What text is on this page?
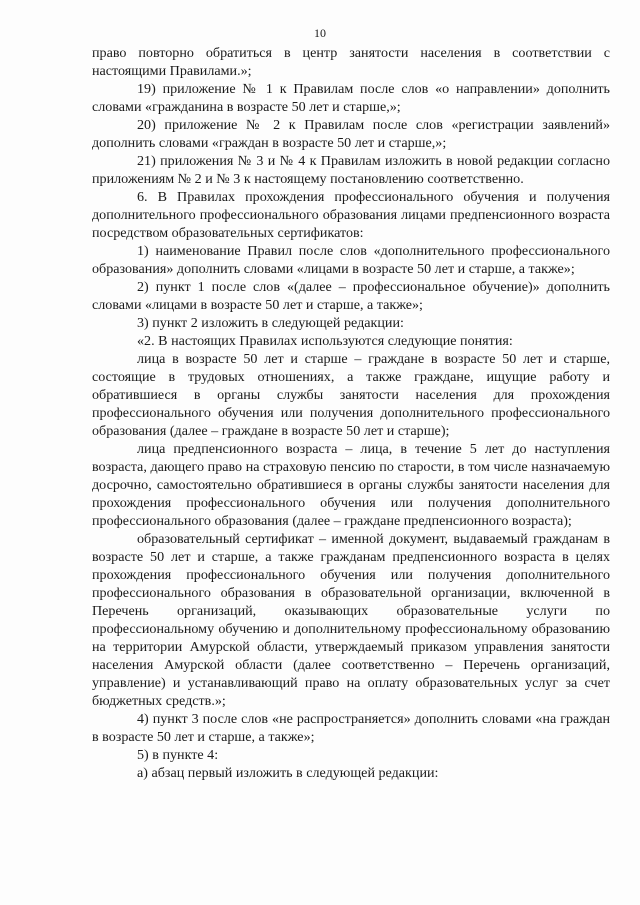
10

право повторно обратиться в центр занятости населения в соответствии с настоящими Правилами.»;

19) приложение № 1 к Правилам после слов «о направлении» дополнить словами «гражданина в возрасте 50 лет и старше,»;

20) приложение № 2 к Правилам после слов «регистрации заявлений» дополнить словами «граждан в возрасте 50 лет и старше,»;

21) приложения № 3 и № 4 к Правилам изложить в новой редакции согласно приложениям № 2 и № 3 к настоящему постановлению соответственно.

6. В Правилах прохождения профессионального обучения и получения дополнительного профессионального образования лицами предпенсионного возраста посредством образовательных сертификатов:

1) наименование Правил после слов «дополнительного профессионального образования» дополнить словами «лицами в возрасте 50 лет и старше, а также»;

2) пункт 1 после слов «(далее – профессиональное обучение)» дополнить словами «лицами в возрасте 50 лет и старше, а также»;

3) пункт 2 изложить в следующей редакции:

«2. В настоящих Правилах используются следующие понятия:

лица в возрасте 50 лет и старше – граждане в возрасте 50 лет и старше, состоящие в трудовых отношениях, а также граждане, ищущие работу и обратившиеся в органы службы занятости населения для прохождения профессионального обучения или получения дополнительного профессионального образования (далее – граждане в возрасте 50 лет и старше);

лица предпенсионного возраста – лица, в течение 5 лет до наступления возраста, дающего право на страховую пенсию по старости, в том числе назначаемую досрочно, самостоятельно обратившиеся в органы службы занятости населения для прохождения профессионального обучения или получения дополнительного профессионального образования (далее – граждане предпенсионного возраста);

образовательный сертификат – именной документ, выдаваемый гражданам в возрасте 50 лет и старше, а также гражданам предпенсионного возраста в целях прохождения профессионального обучения или получения дополнительного профессионального образования в образовательной организации, включенной в Перечень организаций, оказывающих образовательные услуги по профессиональному обучению и дополнительному профессиональному образованию на территории Амурской области, утверждаемый приказом управления занятости населения Амурской области (далее соответственно – Перечень организаций, управление) и устанавливающий право на оплату образовательных услуг за счет бюджетных средств.»;

4) пункт 3 после слов «не распространяется» дополнить словами «на граждан в возрасте 50 лет и старше, а также»;

5) в пункте 4:

а) абзац первый изложить в следующей редакции:
